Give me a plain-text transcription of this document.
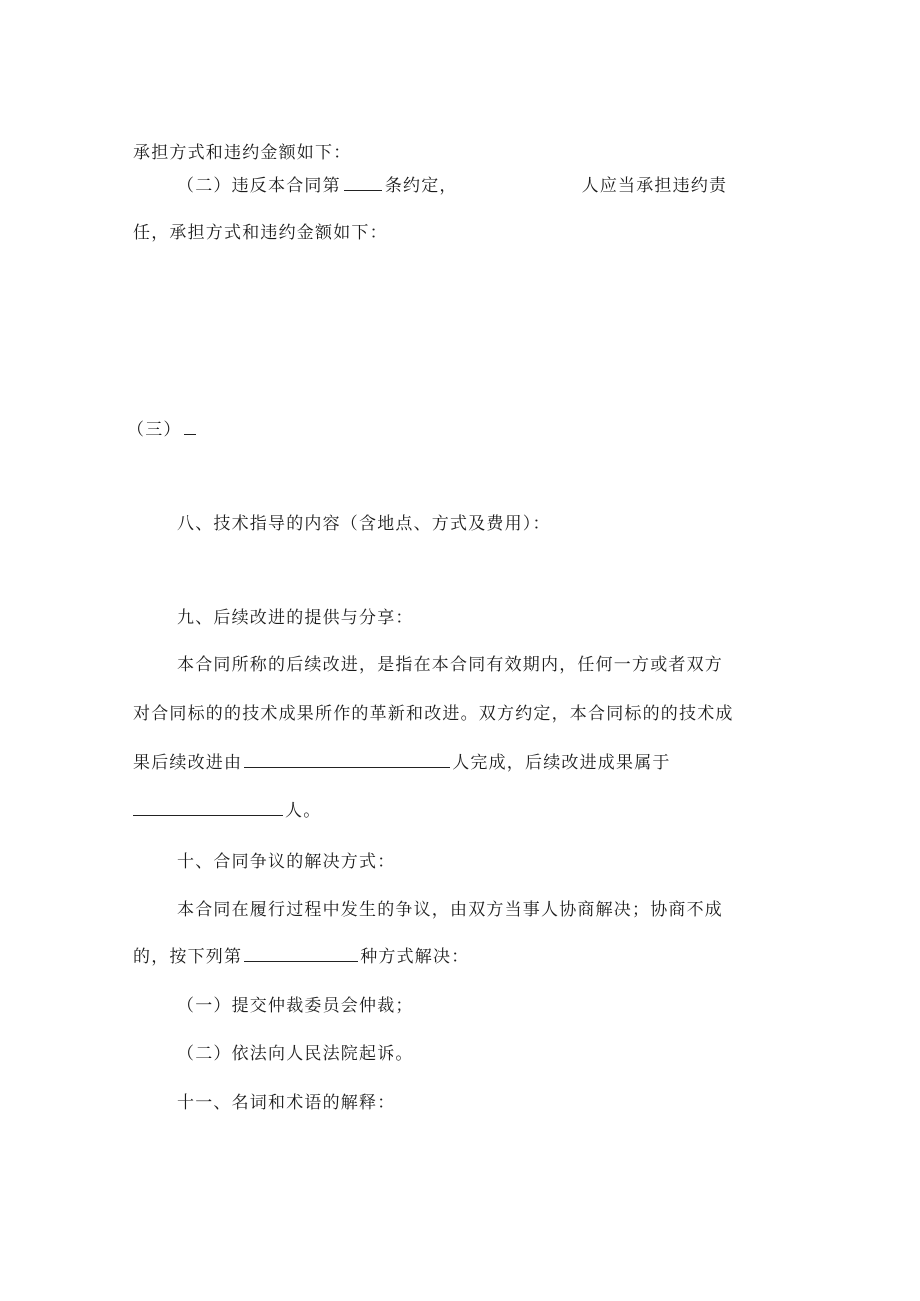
承担方式和违约金额如下：
（二）违反本合同第	条约定，	人应当承担违约责
任，承担方式和违约金额如下：
（三）
八、技术指导的内容（含地点、方式及费用）：
九、后续改进的提供与分享：
本合同所称的后续改进，是指在本合同有效期内，任何一方或者双方
对合同标的的技术成果所作的革新和改进。双方约定，本合同标的的技术成
果后续改进由	人完成，后续改进成果属于
人。
十、合同争议的解决方式：
本合同在履行过程中发生的争议，由双方当事人协商解决；协商不成
的，按下列第	种方式解决：
（一）提交仲裁委员会仲裁；
（二）依法向人民法院起诉。
十一、名词和术语的解释：
